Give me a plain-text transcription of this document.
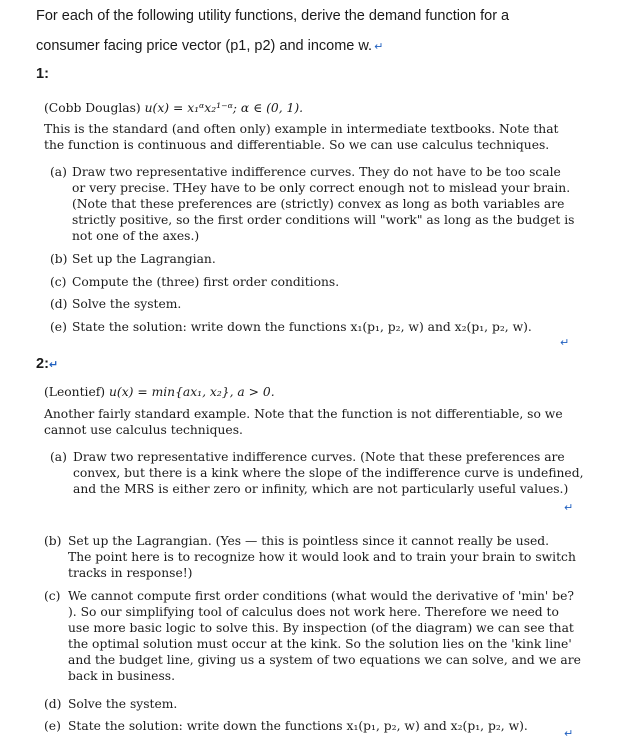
For each of the following utility functions, derive the demand function for a
consumer facing price vector (p1, p2) and income w. ↵
1:
(Cobb Douglas) u(x) = x₁ᵅx₂¹⁻ᵅ; α ∈ (0, 1).
This is the standard (and often only) example in intermediate textbooks. Note that
the function is continuous and differentiable. So we can use calculus techniques.
(a) Draw two representative indifference curves. They do not have to be too scale
or very precise. THey have to be only correct enough not to mislead your brain.
(Note that these preferences are (strictly) convex as long as both variables are
strictly positive, so the first order conditions will "work" as long as the budget is
not one of the axes.)
(b) Set up the Lagrangian.
(c) Compute the (three) first order conditions.
(d) Solve the system.
(e) State the solution: write down the functions x₁(p₁, p₂, w) and x₂(p₁, p₂, w).
↵
2:↵
(Leontief) u(x) = min{ax₁, x₂}, a > 0.
Another fairly standard example. Note that the function is not differentiable, so we
cannot use calculus techniques.
(a) Draw two representative indifference curves. (Note that these preferences are
convex, but there is a kink where the slope of the indifference curve is undefined,
and the MRS is either zero or infinity, which are not particularly useful values.)
↵
(b) Set up the Lagrangian. (Yes — this is pointless since it cannot really be used.
The point here is to recognize how it would look and to train your brain to switch
tracks in response!)
(c) We cannot compute first order conditions (what would the derivative of 'min' be?
). So our simplifying tool of calculus does not work here. Therefore we need to
use more basic logic to solve this. By inspection (of the diagram) we can see that
the optimal solution must occur at the kink. So the solution lies on the 'kink line'
and the budget line, giving us a system of two equations we can solve, and we are
back in business.
(d) Solve the system.
(e) State the solution: write down the functions x₁(p₁, p₂, w) and x₂(p₁, p₂, w).
↵
